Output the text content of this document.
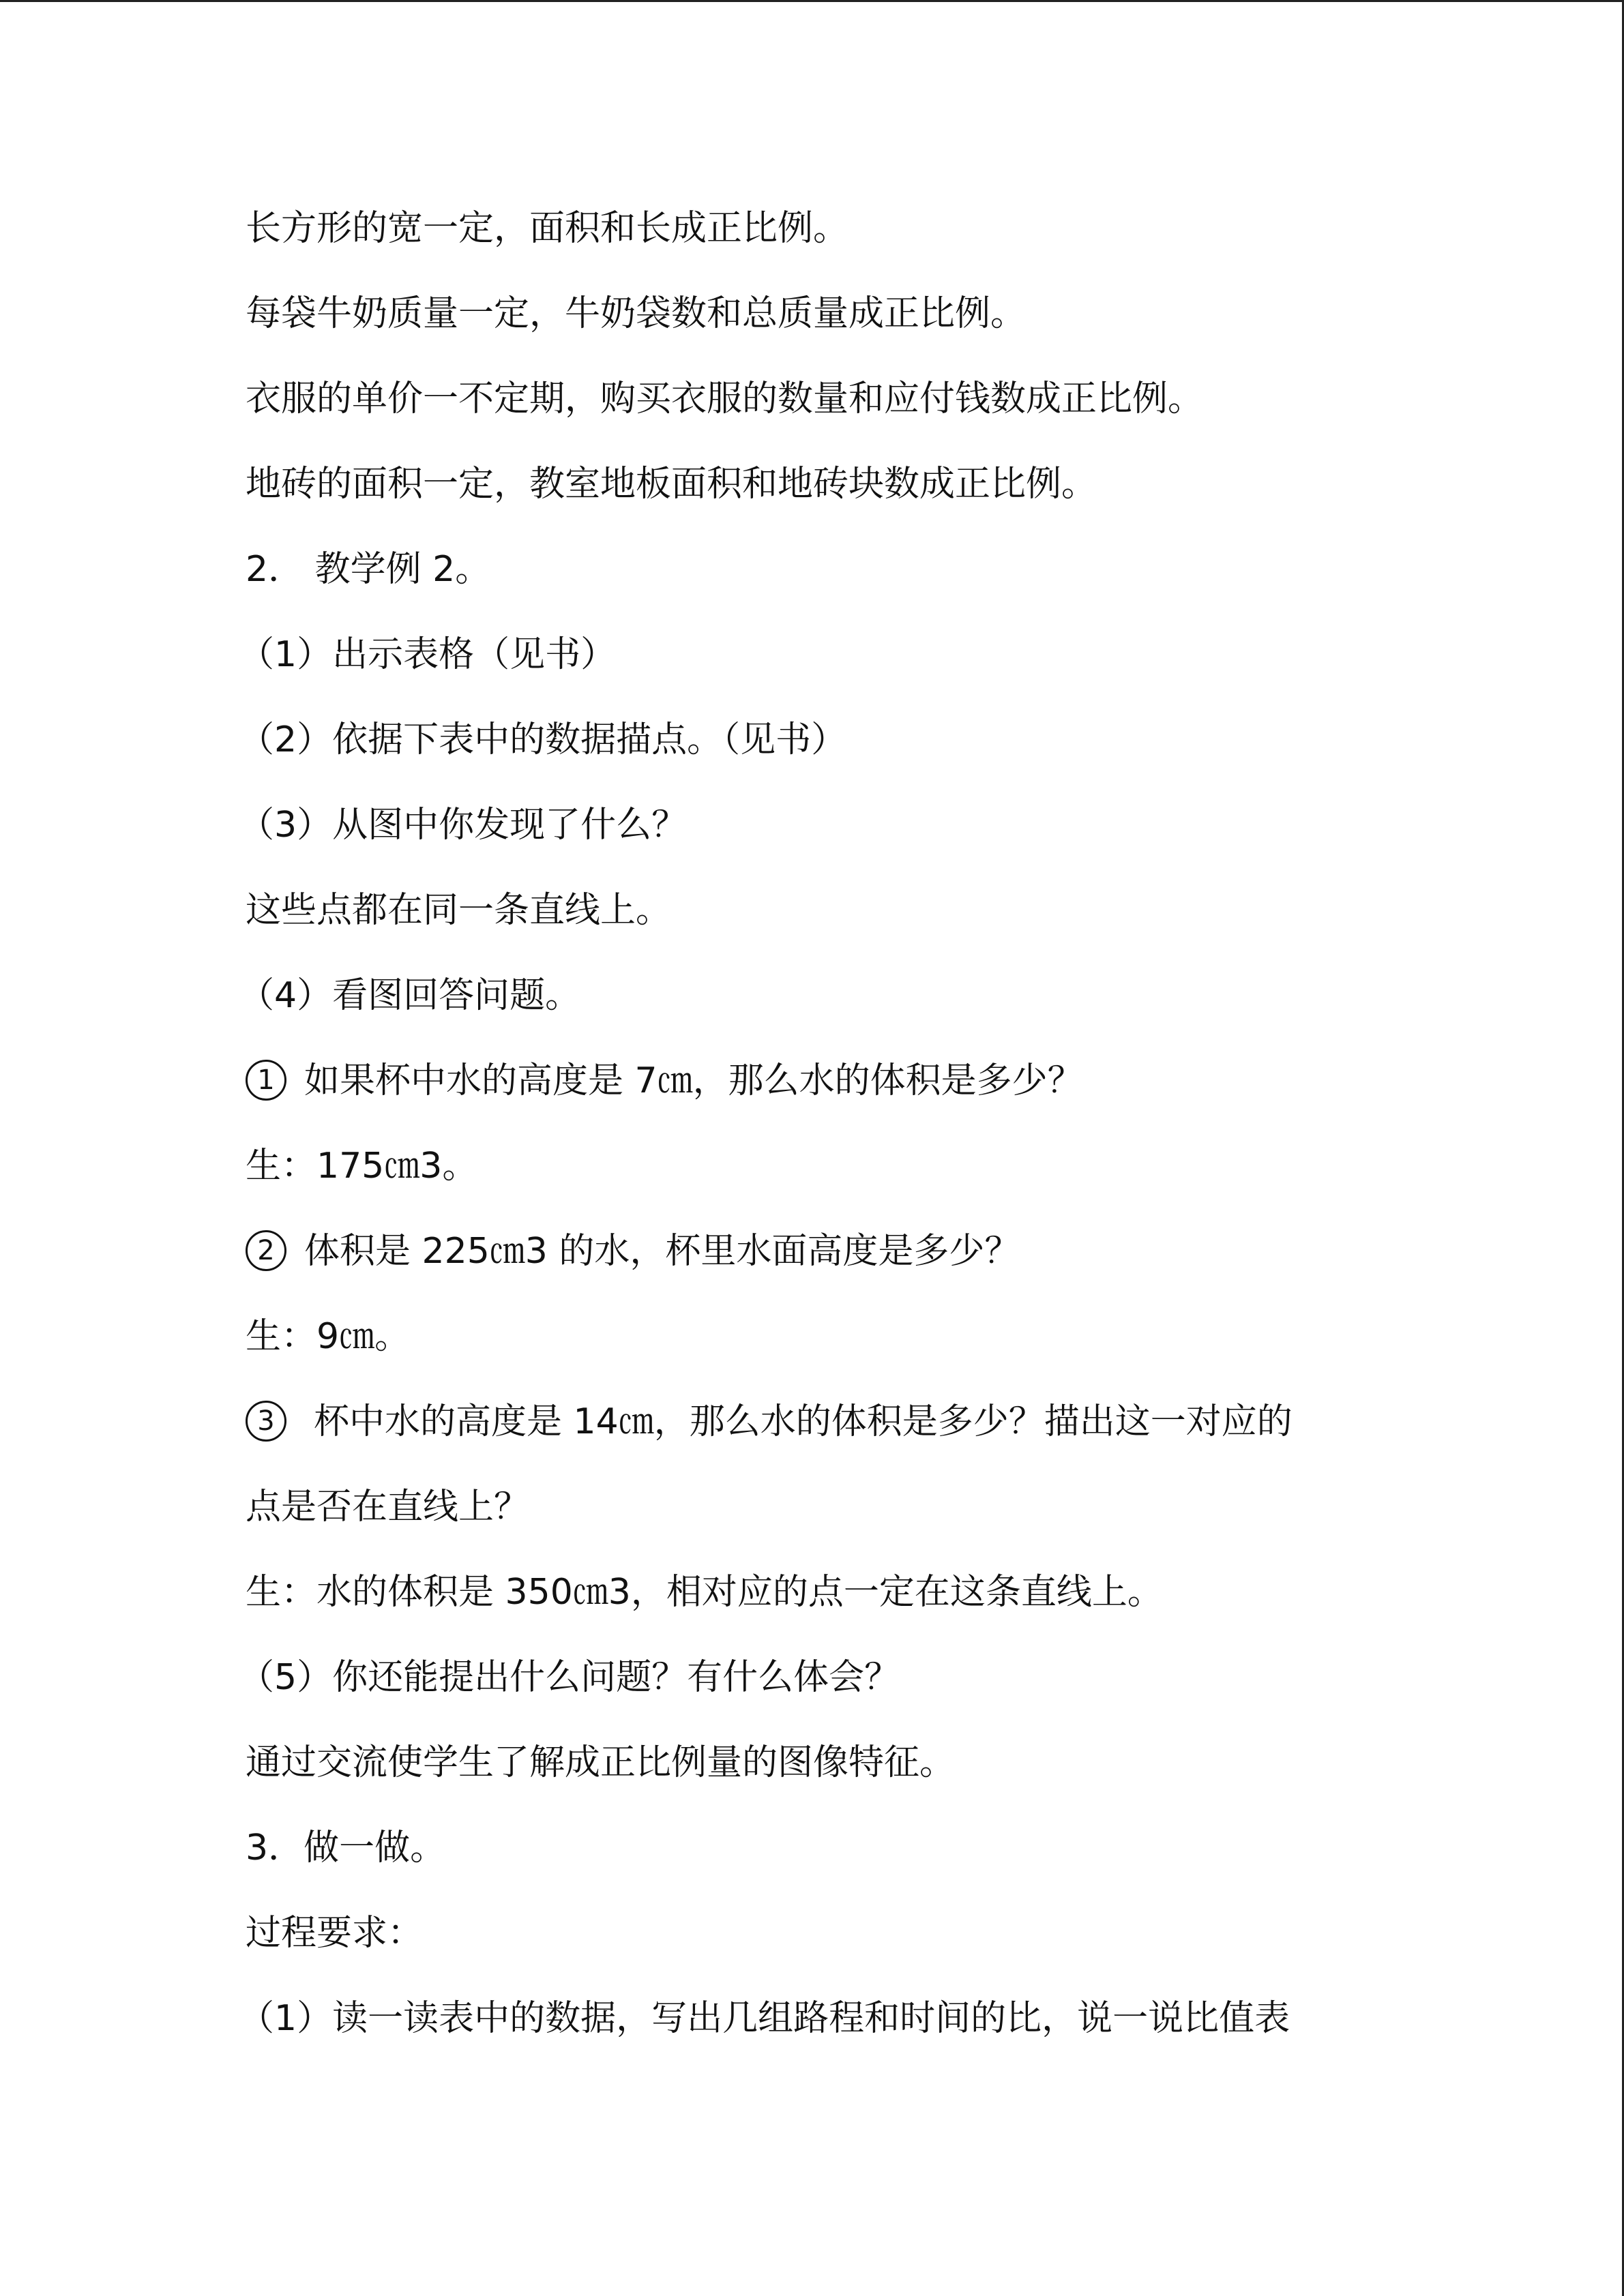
长方形的宽一定，面积和长成正比例。
每袋牛奶质量一定，牛奶袋数和总质量成正比例。
衣服的单价一不定期，购买衣服的数量和应付钱数成正比例。
地砖的面积一定，教室地板面积和地砖块数成正比例。
2． 教学例 2。
（1）出示表格（见书）
（2）依据下表中的数据描点。（见书）
（3）从图中你发现了什么？
这些点都在同一条直线上。
（4）看图回答问题。
1 如果杯中水的高度是 7㎝，那么水的体积是多少？
生：175㎝3。
2 体积是 225㎝3 的水，杯里水面高度是多少？
生：9㎝。
3 杯中水的高度是 14㎝，那么水的体积是多少？描出这一对应的
点是否在直线上？
生：水的体积是 350㎝3，相对应的点一定在这条直线上。
（5）你还能提出什么问题？有什么体会？
通过交流使学生了解成正比例量的图像特征。
3．做一做。
过程要求：
（1）读一读表中的数据，写出几组路程和时间的比，说一说比值表
